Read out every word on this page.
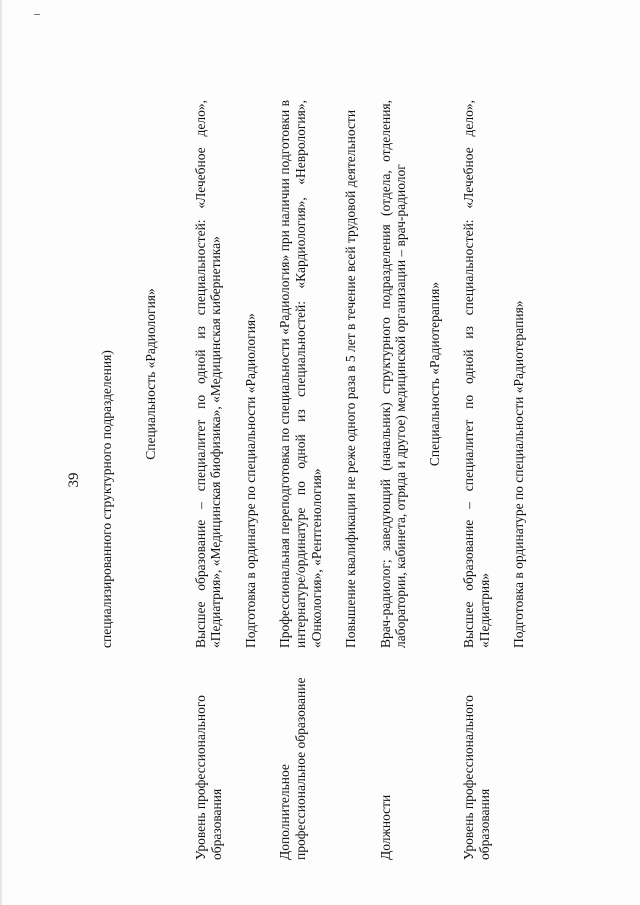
39 специализированного структурного подразделения) Специальность «Радиология»
Уровень профессионального образования

Высшее образование – специалитет по одной из специальностей: «Лечебное дело», «Педиатрия», «Медицинская биофизика», «Медицинская кибернетика» Подготовка в ординатуре по специальности «Радиология»

Дополнительное профессиональное образование

Профессиональная переподготовка по специальности «Радиология» при наличии подготовки в интернатуре/ординатуре по одной из специальностей: «Кардиология», «Неврология», «Онкология», «Рентгенология» Повышение квалификации не реже одного раза в 5 лет в течение всей трудовой деятельности

Должности

Врач-радиолог; заведующий (начальник) структурного подразделения (отдела, отделения, лаборатории, кабинета, отряда и другое) медицинской организации – врач-радиолог Специальность «Радиотерапия»
Уровень профессионального образования

Высшее образование – специалитет по одной из специальностей: «Лечебное дело», «Педиатрия» Подготовка в ординатуре по специальности «Радиотерапия»
